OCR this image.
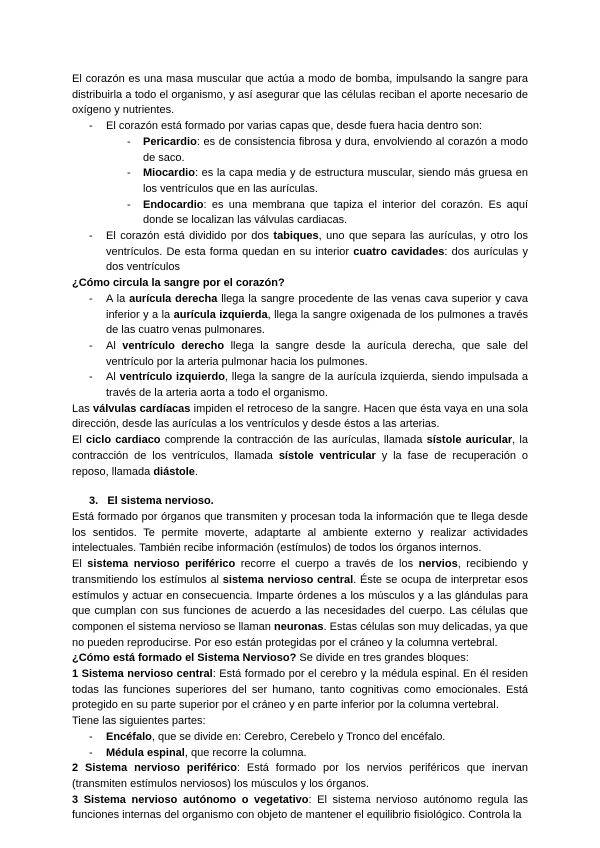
El corazón es una masa muscular que actúa a modo de bomba, impulsando la sangre para distribuirla a todo el organismo, y así asegurar que las células reciban el aporte necesario de oxígeno y nutrientes.

- El corazón está formado por varias capas que, desde fuera hacia dentro son:

- Pericardio: es de consistencia fibrosa y dura, envolviendo al corazón a modo de saco.

- Miocardio: es la capa media y de estructura muscular, siendo más gruesa en los ventrículos que en las aurículas.

- Endocardio: es una membrana que tapiza el interior del corazón. Es aquí donde se localizan las válvulas cardiacas.

- El corazón está dividido por dos tabiques, uno que separa las aurículas, y otro los ventrículos. De esta forma quedan en su interior cuatro cavidades: dos aurículas y dos ventrículos

¿Cómo circula la sangre por el corazón?

- A la aurícula derecha llega la sangre procedente de las venas cava superior y cava inferior y a la aurícula izquierda, llega la sangre oxigenada de los pulmones a través de las cuatro venas pulmonares.

- Al ventrículo derecho llega la sangre desde la aurícula derecha, que sale del ventrículo por la arteria pulmonar hacia los pulmones.

- Al ventrículo izquierdo, llega la sangre de la aurícula izquierda, siendo impulsada a través de la arteria aorta a todo el organismo.

Las válvulas cardíacas impiden el retroceso de la sangre. Hacen que ésta vaya en una sola dirección, desde las aurículas a los ventrículos y desde éstos a las arterias.

El ciclo cardiaco comprende la contracción de las aurículas, llamada sístole auricular, la contracción de los ventrículos, llamada sístole ventricular y la fase de recuperación o reposo, llamada diástole.

3.   El sistema nervioso.

Está formado por órganos que transmiten y procesan toda la información que te llega desde los sentidos. Te permite moverte, adaptarte al ambiente externo y realizar actividades intelectuales. También recibe información (estímulos) de todos los órganos internos.

El sistema nervioso periférico recorre el cuerpo a través de los nervios, recibiendo y transmitiendo los estímulos al sistema nervioso central. Éste se ocupa de interpretar esos estímulos y actuar en consecuencia. Imparte órdenes a los músculos y a las glándulas para que cumplan con sus funciones de acuerdo a las necesidades del cuerpo. Las células que componen el sistema nervioso se llaman neuronas. Estas células son muy delicadas, ya que no pueden reproducirse. Por eso están protegidas por el cráneo y la columna vertebral.

¿Cómo está formado el Sistema Nervioso? Se divide en tres grandes bloques:

1 Sistema nervioso central: Está formado por el cerebro y la médula espinal. En él residen todas las funciones superiores del ser humano, tanto cognitivas como emocionales. Está protegido en su parte superior por el cráneo y en parte inferior por la columna vertebral.

Tiene las siguientes partes:

- Encéfalo, que se divide en: Cerebro, Cerebelo y Tronco del encéfalo.

- Médula espinal, que recorre la columna.

2 Sistema nervioso periférico: Está formado por los nervios periféricos que inervan (transmiten estímulos nerviosos) los músculos y los órganos.

3 Sistema nervioso autónomo o vegetativo: El sistema nervioso autónomo regula las funciones internas del organismo con objeto de mantener el equilibrio fisiológico. Controla la
